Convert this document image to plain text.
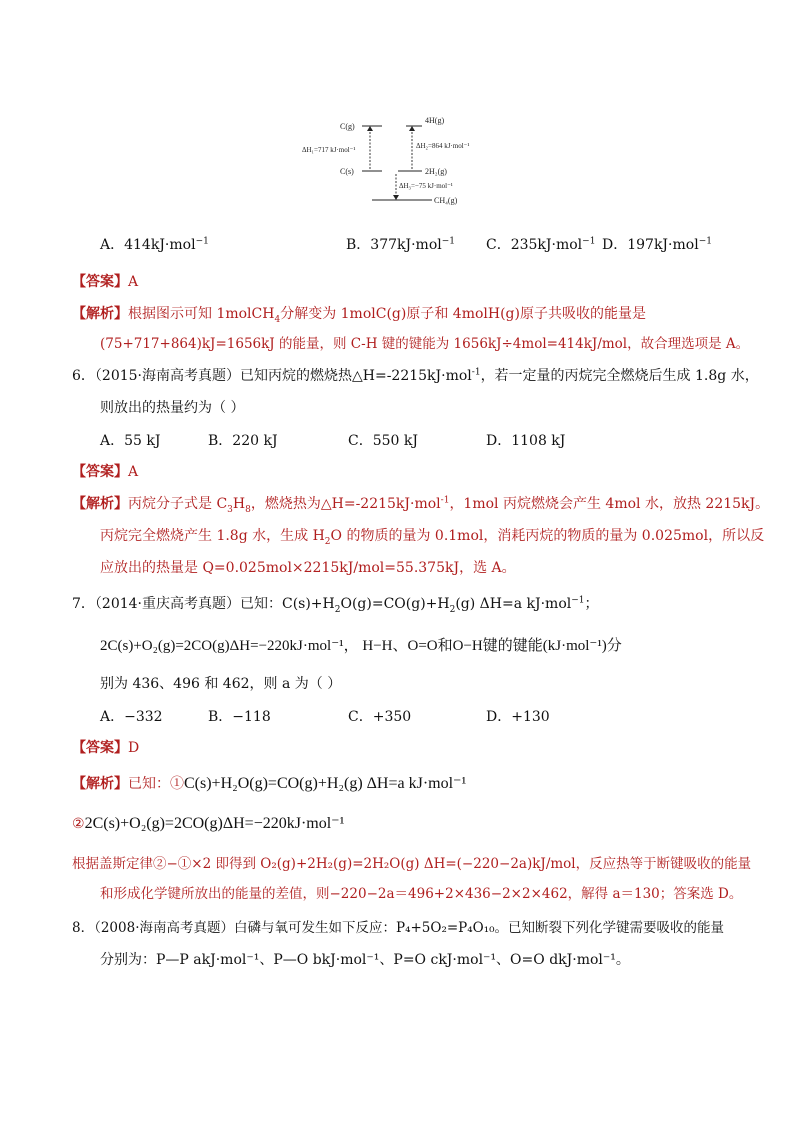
C(g)
C(s)
4H(g)
2H₂(g)
CH₄(g)
ΔH₁=717 kJ·mol⁻¹	ΔH₂=864 kJ·mol⁻¹
ΔH₃=−75 kJ·mol⁻¹
A．414kJ·mol$^{-1}$	B．377kJ·mol$^{-1}$ C．235kJ·mol$^{-1}$ D．197kJ·mol$^{-1}$
【答案】A
【解析】根据图示可知 1molCH$_4$分解变为 1molC(g)原子和 4molH(g)原子共吸收的能量是
(75+717+864)kJ=1656kJ 的能量，则 C-H 键的键能为 1656kJ÷4mol=414kJ/mol，故合理选项是 A。
6．（2015·海南高考真题）已知丙烷的燃烧热△H=-2215kJ·mol$^{-1}$，若一定量的丙烷完全燃烧后生成 1.8g 水，
则放出的热量约为（ ）
A．55 kJ	B．220 kJ	C．550 kJ	D．1108 kJ
【答案】A
【解析】丙烷分子式是 $C_3H_8$，燃烧热为△H=-2215kJ·mol$^{-1}$，1mol 丙烷燃烧会产生 4mol 水，放热 2215kJ。
丙烷完全燃烧产生 1.8g 水，生成 $H_2O$ 的物质的量为 0.1mol，消耗丙烷的物质的量为 0.025mol，所以反
应放出的热量是 Q=0.025mol×2215kJ/mol=55.375kJ，选 A。
7．（2014·重庆高考真题）已知：$C(s)+H_2O(g)=CO(g)+H_2(g)$ ΔH=a kJ·mol$^{-1}$；
2C(s)+O₂(g)=2CO(g)ΔH=−220kJ·mol⁻¹， H−H、O=O和O−H键的键能(kJ·mol⁻¹)分
别为 436、496 和 462，则 a 为（ ）
A．−332	B．−118	C．+350	D．+130
【答案】D
【解析】已知：①C(s)+H₂O(g)=CO(g)+H₂(g) ΔH=a kJ·mol⁻¹
②2C(s)+O₂(g)=2CO(g)ΔH=−220kJ·mol⁻¹
根据盖斯定律②−①×2 即得到 O₂(g)+2H₂(g)=2H₂O(g) ΔH=(−220−2a)kJ/mol，反应热等于断键吸收的能量
和形成化学键所放出的能量的差值，则−220−2a＝496+2×436−2×2×462，解得 a＝130；答案选 D。
8．（2008·海南高考真题）白磷与氧可发生如下反应：P₄+5O₂=P₄O₁₀。已知断裂下列化学键需要吸收的能量
分别为：P—P akJ·mol⁻¹、P—O bkJ·mol⁻¹、P=O ckJ·mol⁻¹、O=O dkJ·mol⁻¹。
